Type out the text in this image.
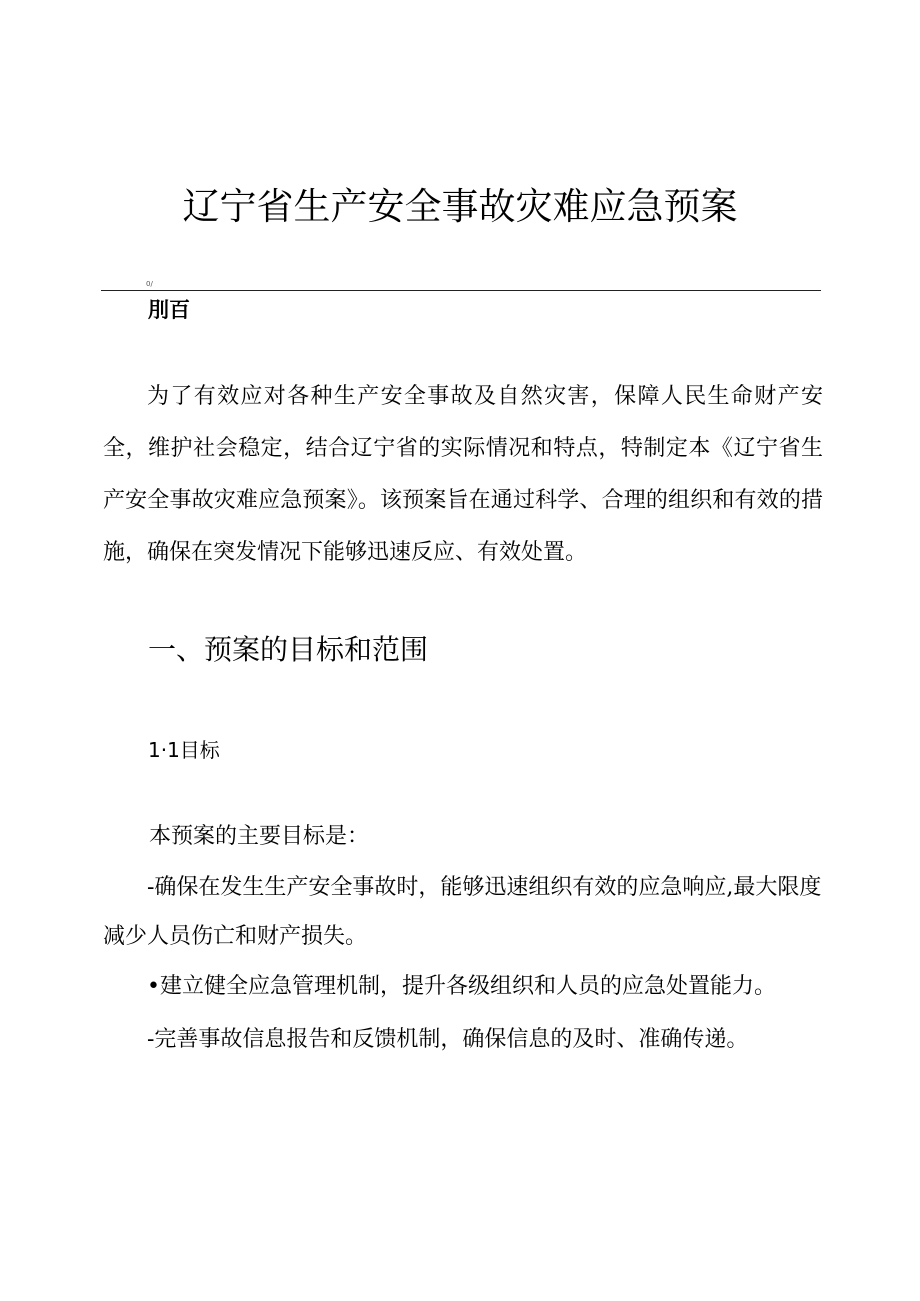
辽宁省生产安全事故灾难应急预案
0/
刖百

为了有效应对各种生产安全事故及自然灾害，保障人民生命财产安全，维护社会稳定，结合辽宁省的实际情况和特点，特制定本《辽宁省生产安全事故灾难应急预案》。该预案旨在通过科学、合理的组织和有效的措施，确保在突发情况下能够迅速反应、有效处置。

一、预案的目标和范围
1·1目标

本预案的主要目标是：

-确保在发生生产安全事故时，能够迅速组织有效的应急响应,最大限度减少人员伤亡和财产损失。

•建立健全应急管理机制，提升各级组织和人员的应急处置能力。

-完善事故信息报告和反馈机制，确保信息的及时、准确传递。
